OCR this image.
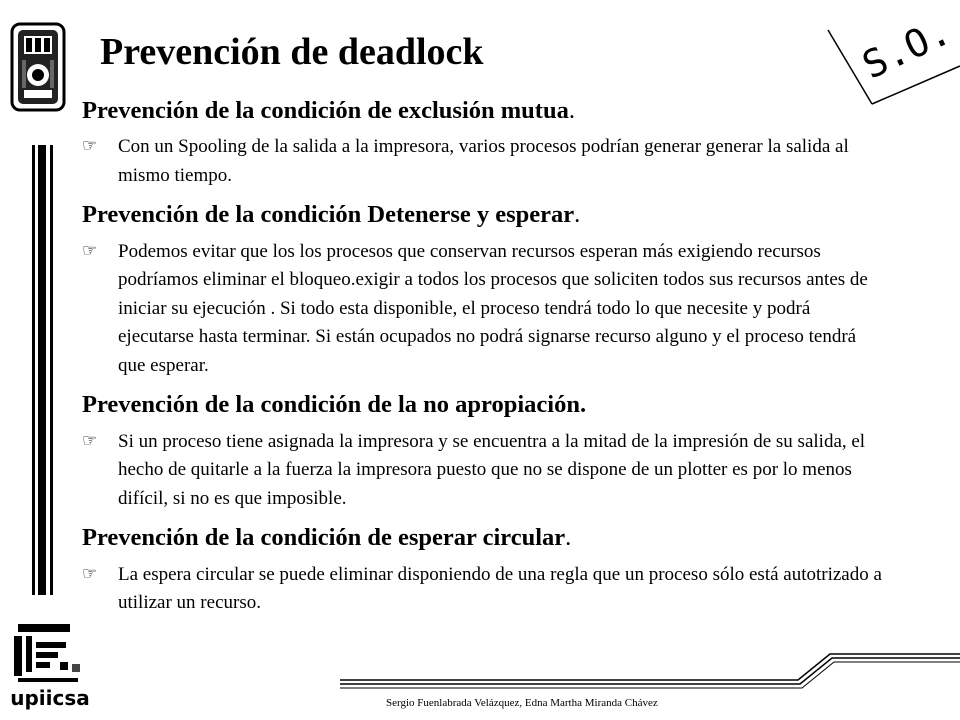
S.O.
Prevención de deadlock

Prevención de la condición de exclusión mutua.

☞ Con un Spooling de la salida a la impresora, varios procesos podrían generar generar la salida al mismo tiempo.

Prevención de la condición Detenerse y esperar.

☞ Podemos evitar que los los procesos que conservan recursos esperan más exigiendo recursos podríamos eliminar el bloqueo.exigir a todos los procesos que soliciten todos sus recursos antes de iniciar su ejecución . Si todo esta disponible, el proceso tendrá todo lo que necesite y podrá ejecutarse hasta terminar. Si están ocupados no podrá signarse recurso alguno y el proceso tendrá que esperar.

Prevención de la condición de la no apropiación.

☞ Si un proceso tiene asignada la impresora y se encuentra a la mitad de la impresión de su salida, el hecho de quitarle a la fuerza la impresora puesto que no se dispone de un plotter es por lo menos difícil, si no es que imposible.

Prevención de la condición de esperar circular.

☞ La espera circular se puede eliminar disponiendo de una regla que un proceso sólo está autotrizado a utilizar un recurso.
upiicsa	Sergio Fuenlabrada Velázquez, Edna Martha Miranda Chávez
